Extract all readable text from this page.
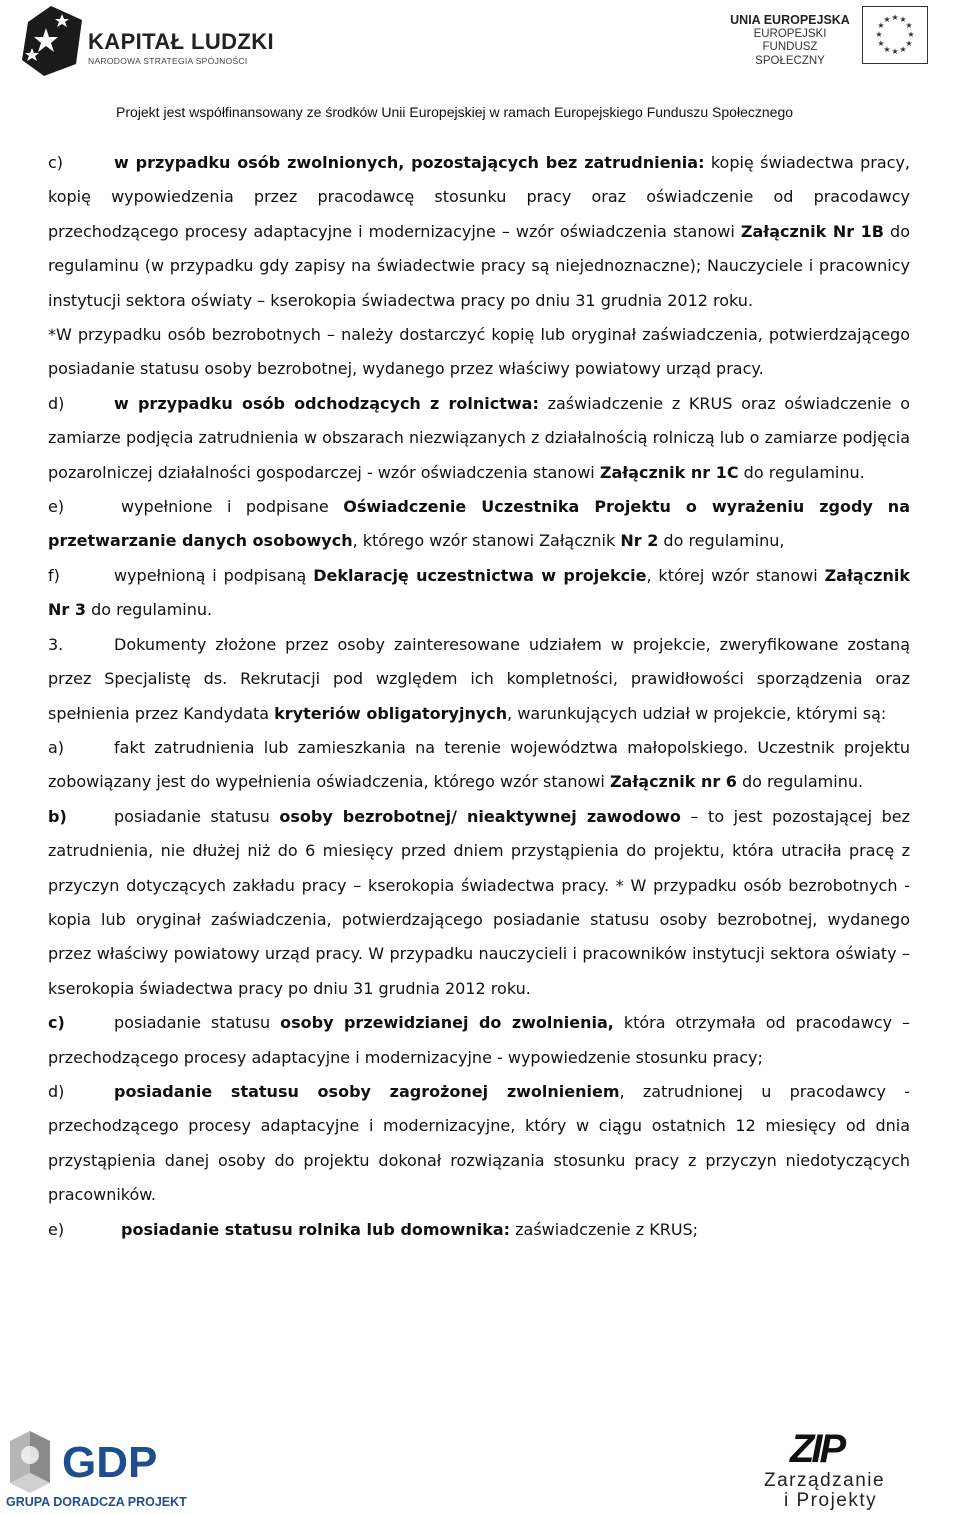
KAPITAŁ LUDZKI
NARODOWA STRATEGIA SPÓJNOŚCI
UNIA EUROPEJSKA
EUROPEJSKI
FUNDUSZ SPOŁECZNY
★ ★
★
★
★
★
★
★
★
★
★
★
Projekt jest współfinansowany ze środków Unii Europejskiej w ramach Europejskiego Funduszu Społecznego

c)	w przypadku osób zwolnionych, pozostających bez zatrudnienia: kopię świadectwa pracy, kopię wypowiedzenia przez pracodawcę stosunku pracy oraz oświadczenie od pracodawcy przechodzącego procesy adaptacyjne i modernizacyjne – wzór oświadczenia stanowi Załącznik Nr 1B do regulaminu (w przypadku gdy zapisy na świadectwie pracy są niejednoznaczne); Nauczyciele i pracownicy instytucji sektora oświaty – kserokopia świadectwa pracy po dniu 31 grudnia 2012 roku.

*W przypadku osób bezrobotnych – należy dostarczyć kopię lub oryginał zaświadczenia, potwierdzającego posiadanie statusu osoby bezrobotnej, wydanego przez właściwy powiatowy urząd pracy.

d)	w przypadku osób odchodzących z rolnictwa: zaświadczenie z KRUS oraz oświadczenie o zamiarze podjęcia zatrudnienia w obszarach niezwiązanych z działalnością rolniczą lub o zamiarze podjęcia pozarolniczej działalności gospodarczej - wzór oświadczenia stanowi Załącznik nr 1C do regulaminu.

e)	wypełnione i podpisane Oświadczenie Uczestnika Projektu o wyrażeniu zgody na przetwarzanie danych osobowych, którego wzór stanowi Załącznik Nr 2 do regulaminu,

f)	wypełnioną i podpisaną Deklarację uczestnictwa w projekcie, której wzór stanowi Załącznik Nr 3 do regulaminu.

3.	Dokumenty złożone przez osoby zainteresowane udziałem w projekcie, zweryfikowane zostaną przez Specjalistę ds. Rekrutacji pod względem ich kompletności, prawidłowości sporządzenia oraz spełnienia przez Kandydata kryteriów obligatoryjnych, warunkujących udział w projekcie, którymi są:

a)	fakt zatrudnienia lub zamieszkania na terenie województwa małopolskiego. Uczestnik projektu zobowiązany jest do wypełnienia oświadczenia, którego wzór stanowi Załącznik nr 6 do regulaminu.

b)	posiadanie statusu osoby bezrobotnej/ nieaktywnej zawodowo – to jest pozostającej bez zatrudnienia, nie dłużej niż do 6 miesięcy przed dniem przystąpienia do projektu, która utraciła pracę z przyczyn dotyczących zakładu pracy – kserokopia świadectwa pracy. * W przypadku osób bezrobotnych - kopia lub oryginał zaświadczenia, potwierdzającego posiadanie statusu osoby bezrobotnej, wydanego przez właściwy powiatowy urząd pracy. W przypadku nauczycieli i pracowników instytucji sektora oświaty – kserokopia świadectwa pracy po dniu 31 grudnia 2012 roku.

c)	posiadanie statusu osoby przewidzianej do zwolnienia, która otrzymała od pracodawcy – przechodzącego procesy adaptacyjne i modernizacyjne - wypowiedzenie stosunku pracy;

d)	posiadanie statusu osoby zagrożonej zwolnieniem, zatrudnionej u pracodawcy - przechodzącego procesy adaptacyjne i modernizacyjne, który w ciągu ostatnich 12 miesięcy od dnia przystąpienia danej osoby do projektu dokonał rozwiązania stosunku pracy z przyczyn niedotyczących pracowników.

e)	posiadanie statusu rolnika lub domownika: zaświadczenie z KRUS;

GDP
GRUPA DORADCZA PROJEKT
ZIP
Zarządzanie
i Projekty
